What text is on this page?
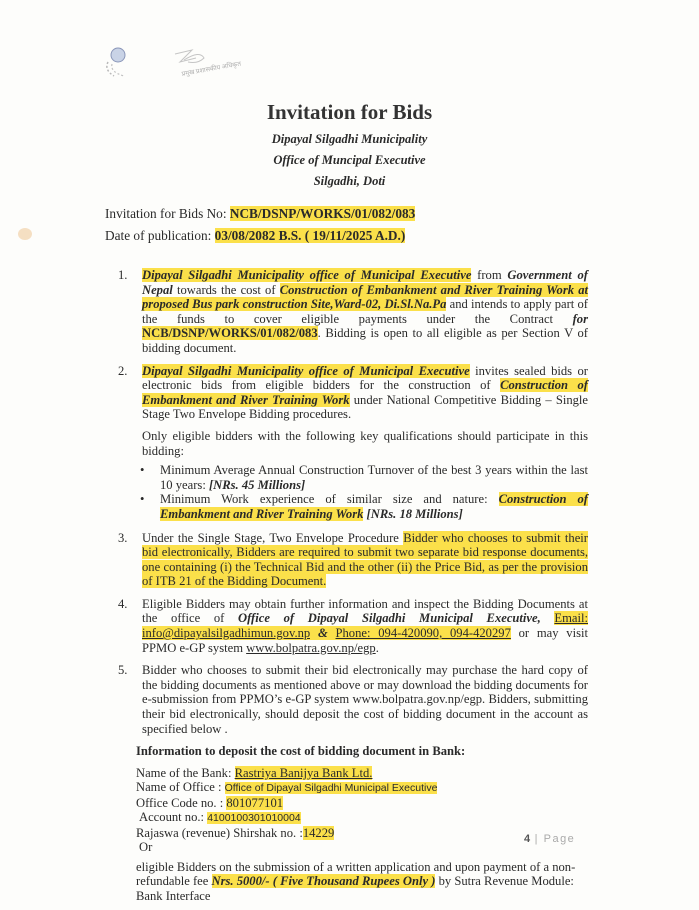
प्रमुख प्रशासकीय अधिकृत
Invitation for Bids
Dipayal Silgadhi Municipality
Office of Muncipal Executive
Silgadhi, Doti
Invitation for Bids No: NCB/DSNP/WORKS/01/082/083
Date of publication: 03/08/2082 B.S. ( 19/11/2025 A.D.)
1. Dipayal Silgadhi Municipality office of Municipal Executive from Government of Nepal towards the cost of Construction of Embankment and River Training Work at proposed Bus park construction Site,Ward-02, Di.Sl.Na.Pa and intends to apply part of the funds to cover eligible payments under the Contract for NCB/DSNP/WORKS/01/082/083. Bidding is open to all eligible as per Section V of bidding document.
2. Dipayal Silgadhi Municipality office of Municipal Executive invites sealed bids or electronic bids from eligible bidders for the construction of Construction of Embankment and River Training Work under National Competitive Bidding – Single Stage Two Envelope Bidding procedures.
Only eligible bidders with the following key qualifications should participate in this bidding:
• Minimum Average Annual Construction Turnover of the best 3 years within the last 10 years: [NRs. 45 Millions]
• Minimum Work experience of similar size and nature: Construction of Embankment and River Training Work [NRs. 18 Millions]
3. Under the Single Stage, Two Envelope Procedure Bidder who chooses to submit their bid electronically, Bidders are required to submit two separate bid response documents, one containing (i) the Technical Bid and the other (ii) the Price Bid, as per the provision of ITB 21 of the Bidding Document.
4. Eligible Bidders may obtain further information and inspect the Bidding Documents at the office of Office of Dipayal Silgadhi Municipal Executive, Email: info@dipayalsilgadhimun.gov.np & Phone: 094-420090, 094-420297 or may visit PPMO e-GP system www.bolpatra.gov.np/egp.
5. Bidder who chooses to submit their bid electronically may purchase the hard copy of the bidding documents as mentioned above or may download the bidding documents for e-submission from PPMO’s e-GP system www.bolpatra.gov.np/egp. Bidders, submitting their bid electronically, should deposit the cost of bidding document in the account as specified below .
Information to deposit the cost of bidding document in Bank:
Name of the Bank: Rastriya Banijya Bank Ltd.
Name of Office : Office of Dipayal Silgadhi Municipal Executive
Office Code no. : 801077101
Account no.: 4100100301010004
Rajaswa (revenue) Shirshak no. :14229
Or
eligible Bidders on the submission of a written application and upon payment of a non-refundable fee Nrs. 5000/- ( Five Thousand Rupees Only ) by Sutra Revenue Module: Bank Interface
4 | Page
